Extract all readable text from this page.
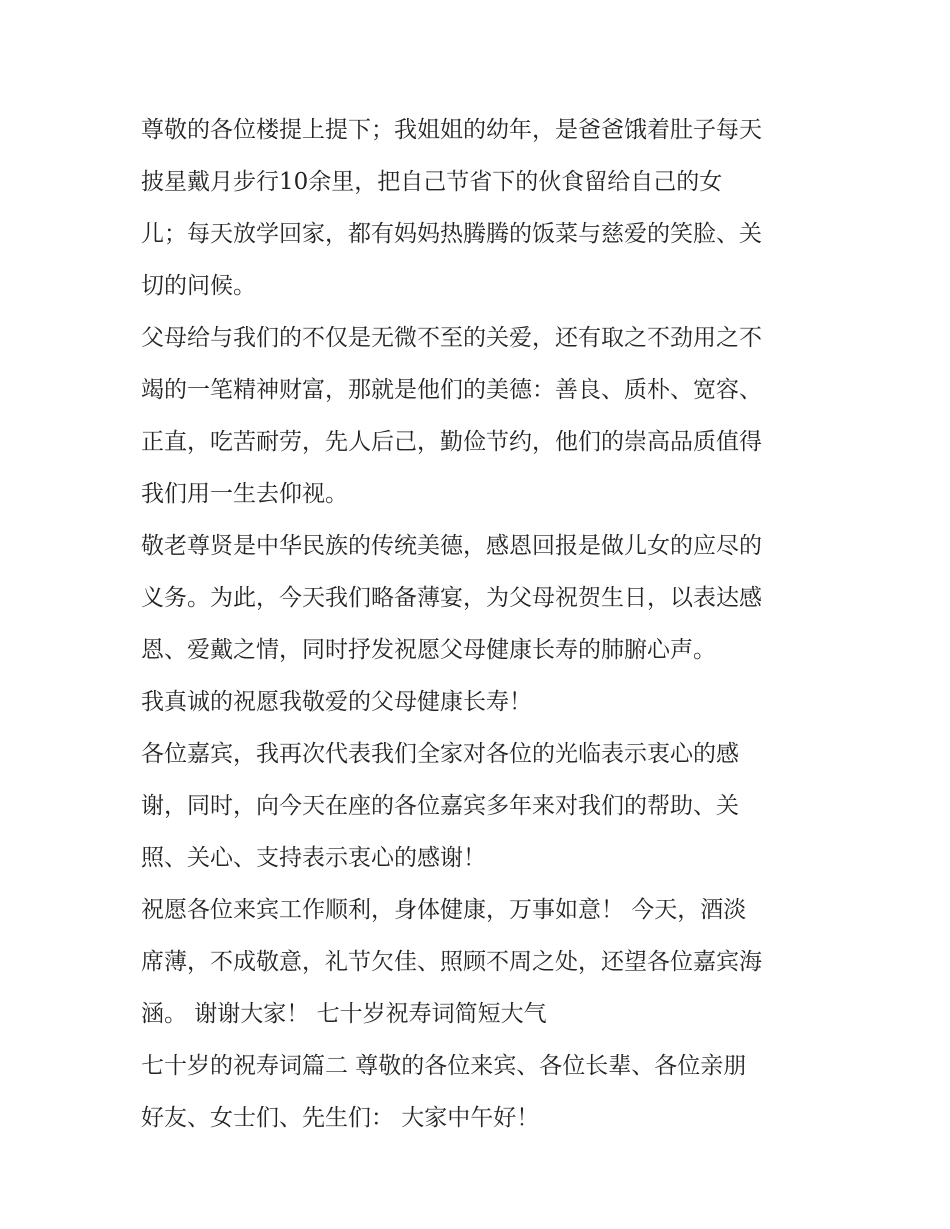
尊敬的各位楼提上提下；我姐姐的幼年，是爸爸饿着肚子每天
披星戴月步行10余里，把自己节省下的伙食留给自己的女
儿；每天放学回家，都有妈妈热腾腾的饭菜与慈爱的笑脸、关
切的问候。
父母给与我们的不仅是无微不至的关爱，还有取之不劲用之不
竭的一笔精神财富，那就是他们的美德：善良、质朴、宽容、
正直，吃苦耐劳，先人后己，勤俭节约，他们的崇高品质值得
我们用一生去仰视。
敬老尊贤是中华民族的传统美德，感恩回报是做儿女的应尽的
义务。为此，今天我们略备薄宴，为父母祝贺生日，以表达感
恩、爱戴之情，同时抒发祝愿父母健康长寿的肺腑心声。
我真诚的祝愿我敬爱的父母健康长寿！
各位嘉宾，我再次代表我们全家对各位的光临表示衷心的感
谢，同时，向今天在座的各位嘉宾多年来对我们的帮助、关
照、关心、支持表示衷心的感谢！
祝愿各位来宾工作顺利，身体健康，万事如意！ 今天，酒淡
席薄，不成敬意，礼节欠佳、照顾不周之处，还望各位嘉宾海
涵。 谢谢大家！ 七十岁祝寿词简短大气
七十岁的祝寿词篇二 尊敬的各位来宾、各位长辈、各位亲朋
好友、女士们、先生们： 大家中午好！
